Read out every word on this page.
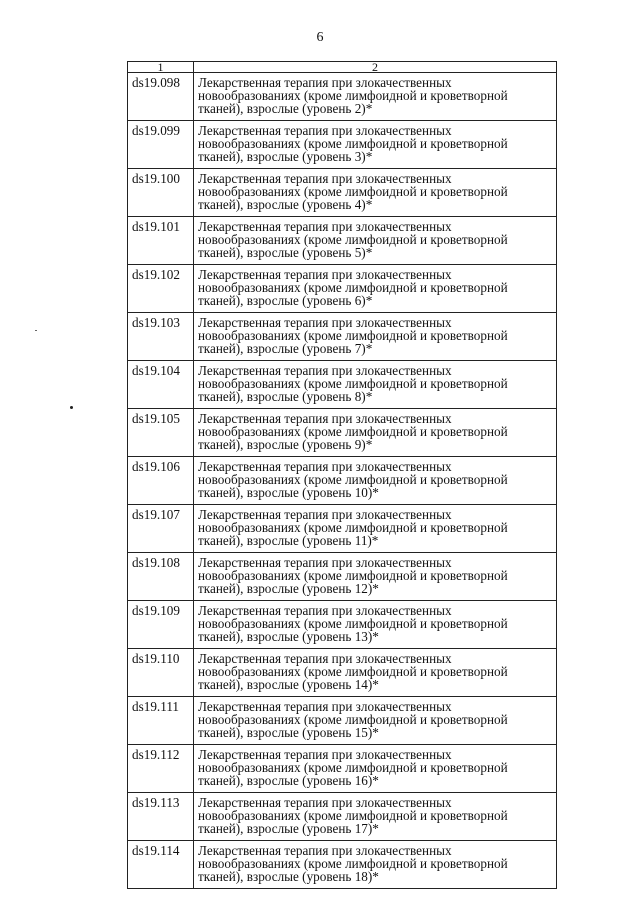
6
1	2
ds19.098	Лекарственная терапия при злокачественных
новообразованиях (кроме лимфоидной и кроветворной
тканей), взрослые (уровень 2)*

ds19.099	Лекарственная терапия при злокачественных
новообразованиях (кроме лимфоидной и кроветворной
тканей), взрослые (уровень 3)*

ds19.100	Лекарственная терапия при злокачественных
новообразованиях (кроме лимфоидной и кроветворной
тканей), взрослые (уровень 4)*

ds19.101	Лекарственная терапия при злокачественных
новообразованиях (кроме лимфоидной и кроветворной
тканей), взрослые (уровень 5)*

ds19.102	Лекарственная терапия при злокачественных
новообразованиях (кроме лимфоидной и кроветворной
тканей), взрослые (уровень 6)*

ds19.103	Лекарственная терапия при злокачественных
новообразованиях (кроме лимфоидной и кроветворной
тканей), взрослые (уровень 7)*

ds19.104	Лекарственная терапия при злокачественных
новообразованиях (кроме лимфоидной и кроветворной
тканей), взрослые (уровень 8)*

ds19.105	Лекарственная терапия при злокачественных
новообразованиях (кроме лимфоидной и кроветворной
тканей), взрослые (уровень 9)*

ds19.106	Лекарственная терапия при злокачественных
новообразованиях (кроме лимфоидной и кроветворной
тканей), взрослые (уровень 10)*

ds19.107	Лекарственная терапия при злокачественных
новообразованиях (кроме лимфоидной и кроветворной
тканей), взрослые (уровень 11)*

ds19.108	Лекарственная терапия при злокачественных
новообразованиях (кроме лимфоидной и кроветворной
тканей), взрослые (уровень 12)*

ds19.109	Лекарственная терапия при злокачественных
новообразованиях (кроме лимфоидной и кроветворной
тканей), взрослые (уровень 13)*

ds19.110	Лекарственная терапия при злокачественных
новообразованиях (кроме лимфоидной и кроветворной
тканей), взрослые (уровень 14)*

ds19.111	Лекарственная терапия при злокачественных
новообразованиях (кроме лимфоидной и кроветворной
тканей), взрослые (уровень 15)*

ds19.112	Лекарственная терапия при злокачественных
новообразованиях (кроме лимфоидной и кроветворной
тканей), взрослые (уровень 16)*

ds19.113	Лекарственная терапия при злокачественных
новообразованиях (кроме лимфоидной и кроветворной
тканей), взрослые (уровень 17)*

ds19.114	Лекарственная терапия при злокачественных
новообразованиях (кроме лимфоидной и кроветворной
тканей), взрослые (уровень 18)*
